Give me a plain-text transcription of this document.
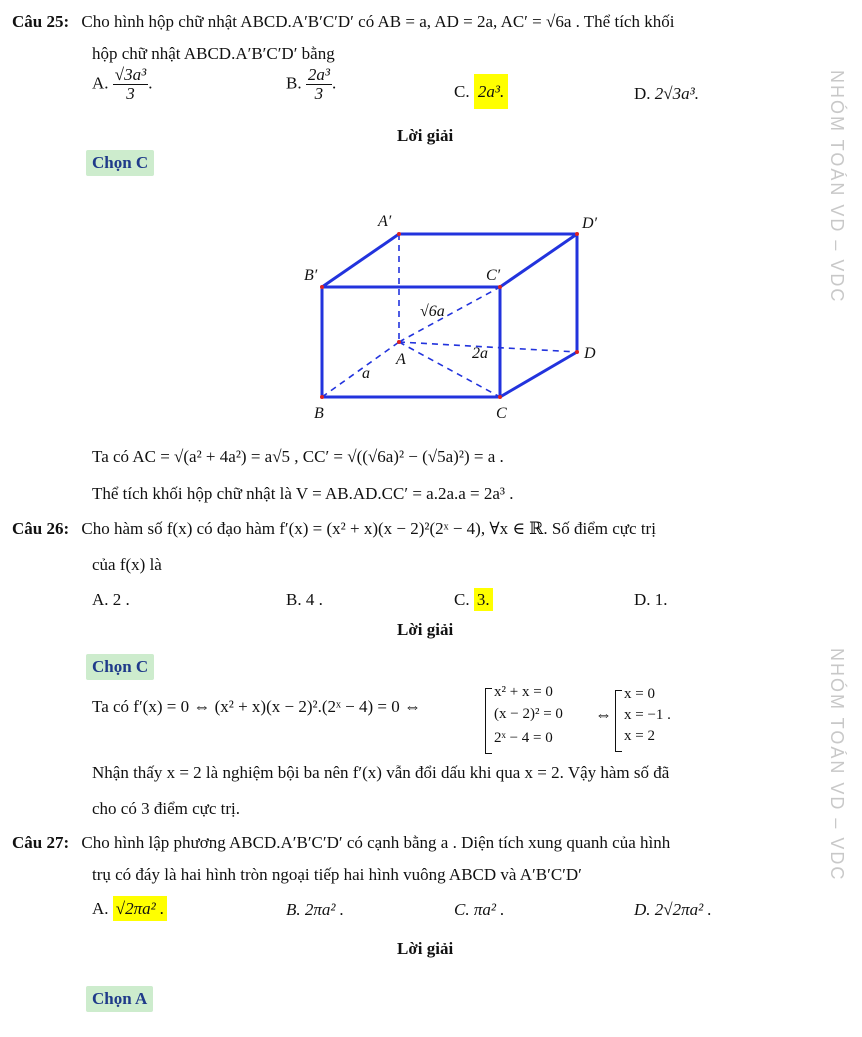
NHÓM TOÁN VD – VDC
NHÓM TOÁN VD – VDC
Câu 25: Cho hình hộp chữ nhật ABCD.A′B′C′D′ có AB = a, AD = 2a, AC′ = √6a . Thể tích khối
hộp chữ nhật ABCD.A′B′C′D′ bằng
A. $\frac{\text{√3a³}}{3}$ .	B. $\frac{\text{2a³}}{3}$ .	C. 2a³.	D. 2√3a³.
Lời giải
Chọn C
A′	D′
B′	C′
√6a
A	2a
a
D
B	C
Ta có AC = √(a² + 4a²) = a√5 , CC′ = √((√6a)² − (√5a)²) = a .
Thể tích khối hộp chữ nhật là V = AB.AD.CC′ = a.2a.a = 2a³ .
Câu 26: Cho hàm số f(x) có đạo hàm f′(x) = (x² + x)(x − 2)²(2ˣ − 4), ∀x ∈ ℝ. Số điểm cực trị
của f(x) là
A. 2 .	B. 4 .	C. 3.	D. 1.
Lời giải
Chọn C
Ta có f′(x) = 0 ⇔ (x² + x)(x − 2)².(2ˣ − 4) = 0 ⇔
x² + x = 0
(x − 2)² = 0
2ˣ − 4 = 0
⇔
x = 0
x = −1 .
x = 2
Nhận thấy x = 2 là nghiệm bội ba nên f′(x) vẫn đổi dấu khi qua x = 2. Vậy hàm số đã
cho có 3 điểm cực trị.
Câu 27: Cho hình lập phương ABCD.A′B′C′D′ có cạnh bằng a . Diện tích xung quanh của hình
trụ có đáy là hai hình tròn ngoại tiếp hai hình vuông ABCD và A′B′C′D′
A. √2πa² .	B. 2πa² .	C. πa² .	D. 2√2πa² .
Lời giải
Chọn A
